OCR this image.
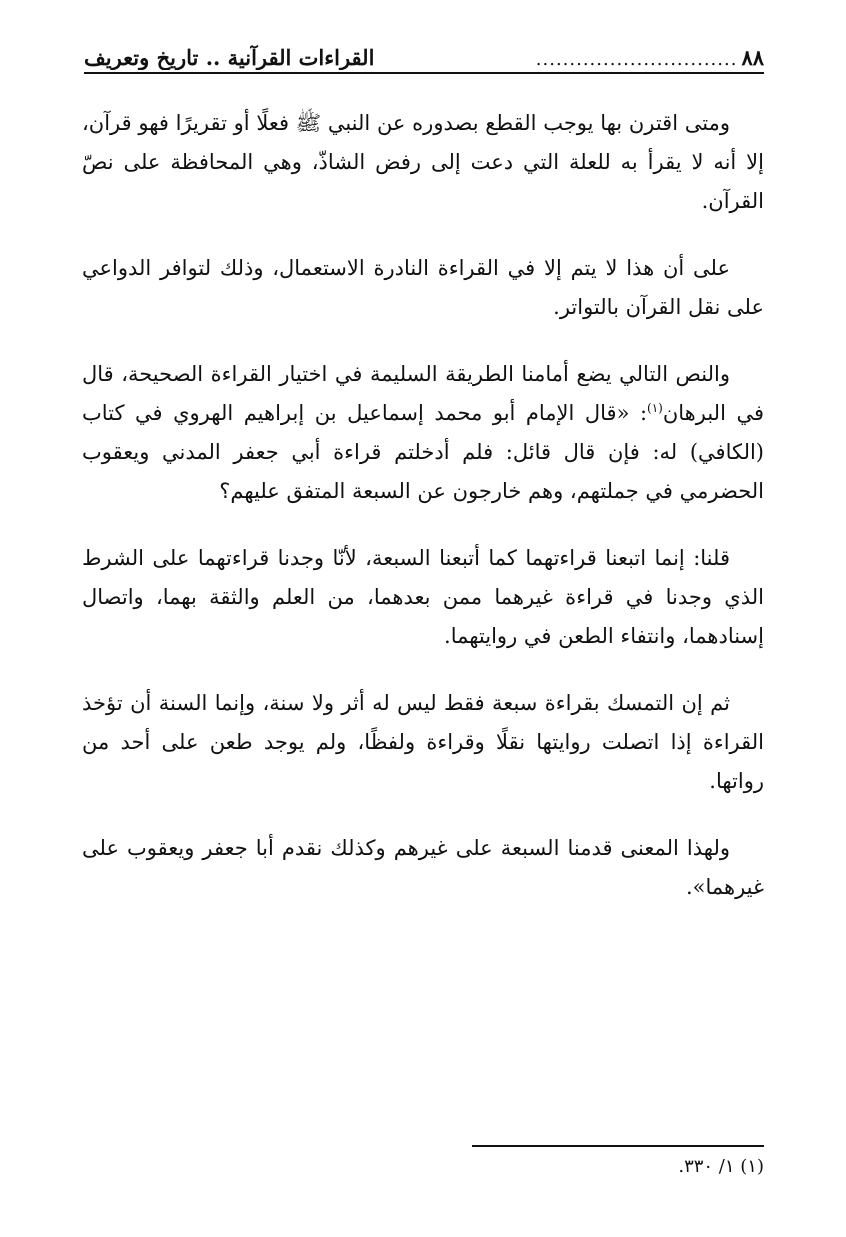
٨٨
..............................
القراءات القرآنية .. تاريخ وتعريف

ومتى اقترن بها يوجب القطع بصدوره عن النبي ﷺ فعلًا أو تقريرًا فهو قرآن، إلا أنه لا يقرأ به للعلة التي دعت إلى رفض الشاذّ، وهي المحافظة على نصّ القرآن.

على أن هذا لا يتم إلا في القراءة النادرة الاستعمال، وذلك لتوافر الدواعي على نقل القرآن بالتواتر.

والنص التالي يضع أمامنا الطريقة السليمة في اختيار القراءة الصحيحة، قال في البرهان$^{(١)}$: «قال الإمام أبو محمد إسماعيل بن إبراهيم الهروي في كتاب (الكافي) له: فإن قال قائل: فلم أدخلتم قراءة أبي جعفر المدني ويعقوب الحضرمي في جملتهم، وهم خارجون عن السبعة المتفق عليهم؟

قلنا: إنما اتبعنا قراءتهما كما أتبعنا السبعة، لأنّا وجدنا قراءتهما على الشرط الذي وجدنا في قراءة غيرهما ممن بعدهما، من العلم والثقة بهما، واتصال إسنادهما، وانتفاء الطعن في روايتهما.

ثم إن التمسك بقراءة سبعة فقط ليس له أثر ولا سنة، وإنما السنة أن تؤخذ القراءة إذا اتصلت روايتها نقلًا وقراءة ولفظًا، ولم يوجد طعن على أحد من رواتها.

ولهذا المعنى قدمنا السبعة على غيرهم وكذلك نقدم أبا جعفر ويعقوب على غيرهما».

(١) ١/ ٣٣٠.
